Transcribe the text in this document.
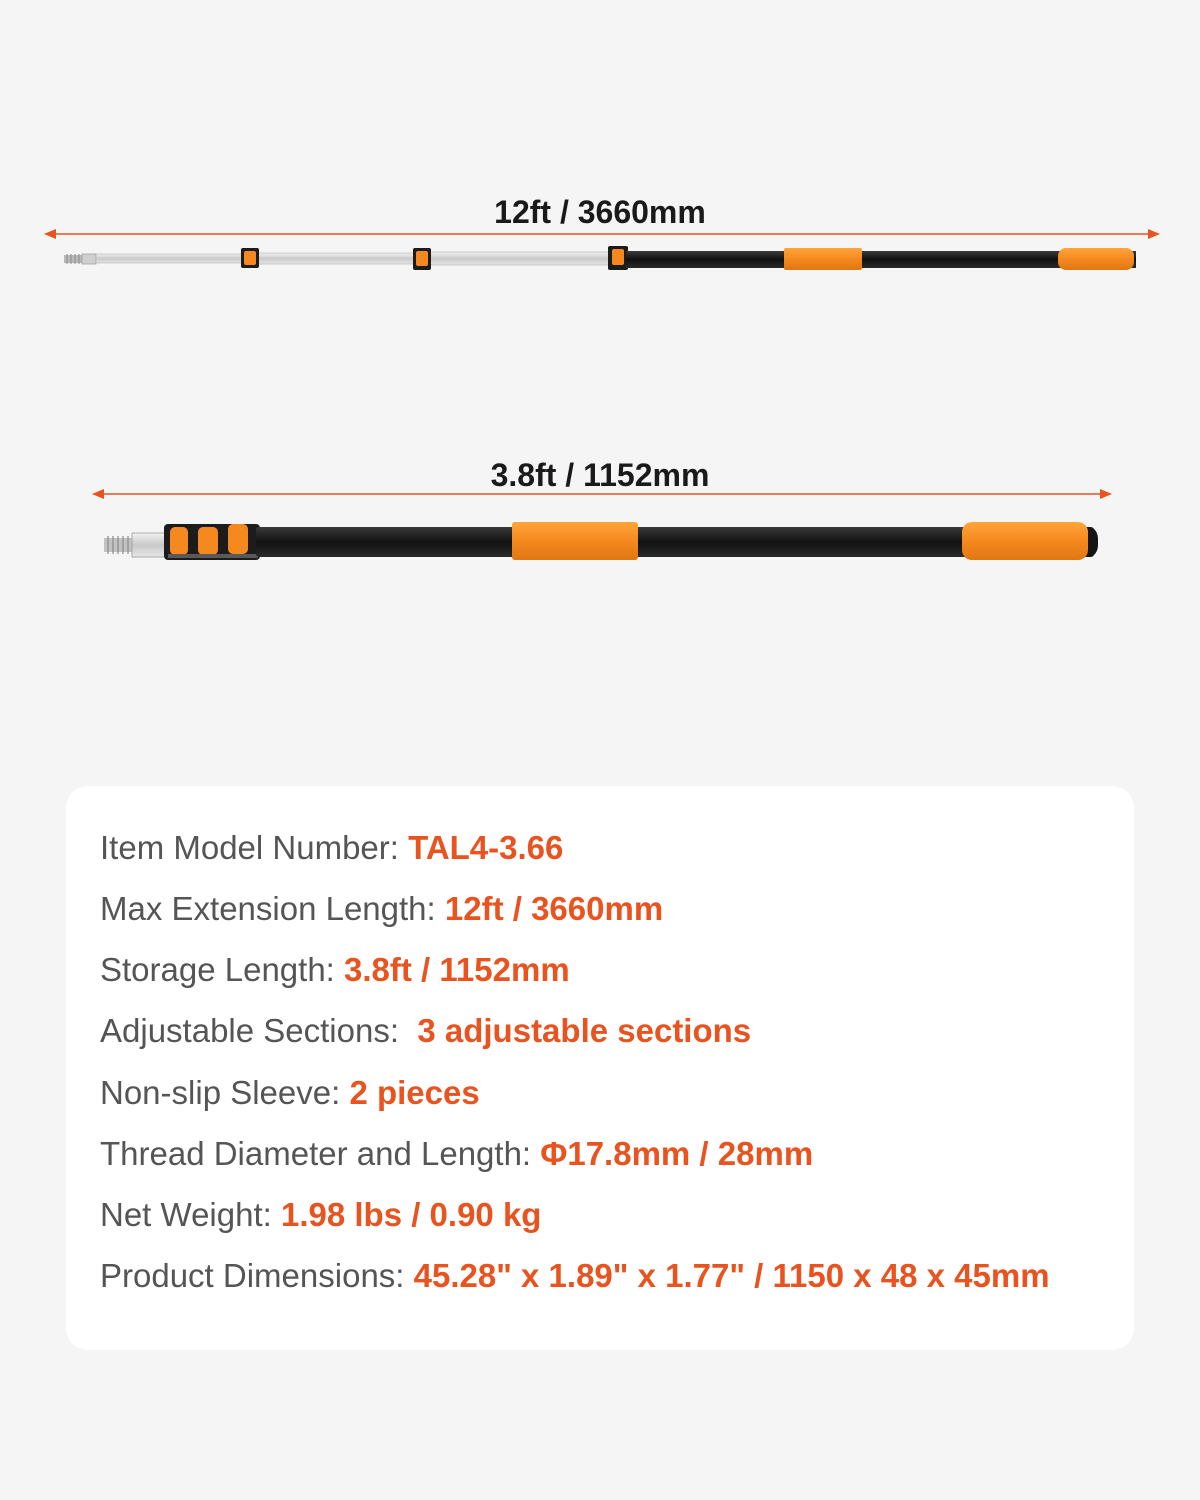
12ft / 3660mm
3.8ft / 1152mm
Item Model Number: TAL4-3.66
Max Extension Length: 12ft / 3660mm
Storage Length: 3.8ft / 1152mm
Adjustable Sections:  3 adjustable sections
Non-slip Sleeve: 2 pieces
Thread Diameter and Length: Φ17.8mm / 28mm
Net Weight: 1.98 lbs / 0.90 kg
Product Dimensions: 45.28" x 1.89" x 1.77" / 1150 x 48 x 45mm
